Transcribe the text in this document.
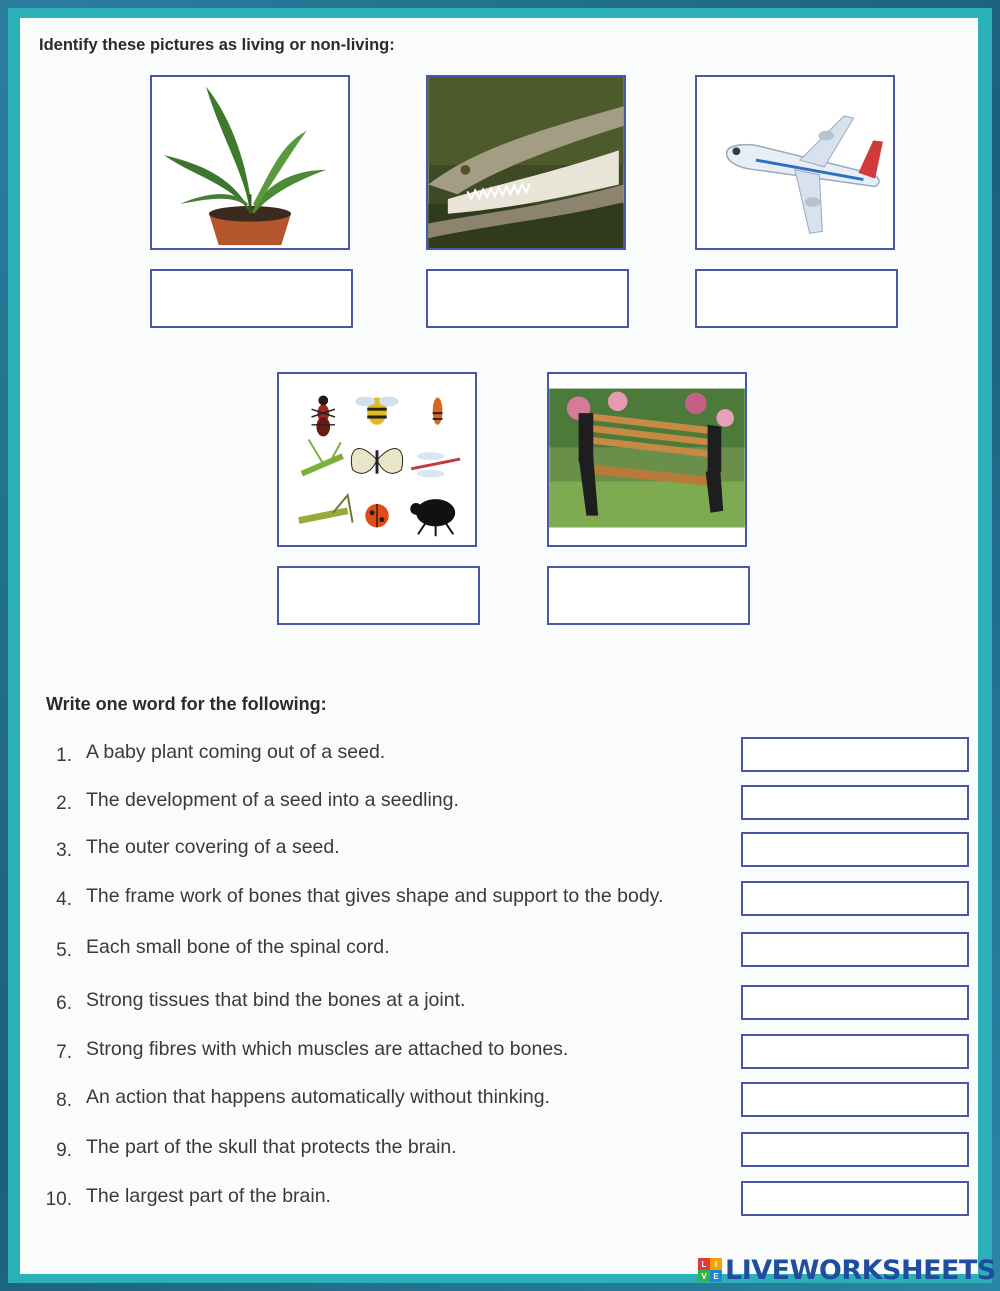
Identify these pictures as living or non-living:
Write one word for the following:
1. A baby plant coming out of a seed.
2. The development of a seed into a seedling.
3. The outer covering of a seed.
4. The frame work of bones that gives shape and support to the body.
5. Each small bone of the spinal cord.
6. Strong tissues that bind the bones at a joint.
7. Strong fibres with which muscles are attached to bones.
8. An action that happens automatically without thinking.
9. The part of the skull that protects the brain.
10. The largest part of the brain.
L	I
V E LIVEWORKSHEETS
